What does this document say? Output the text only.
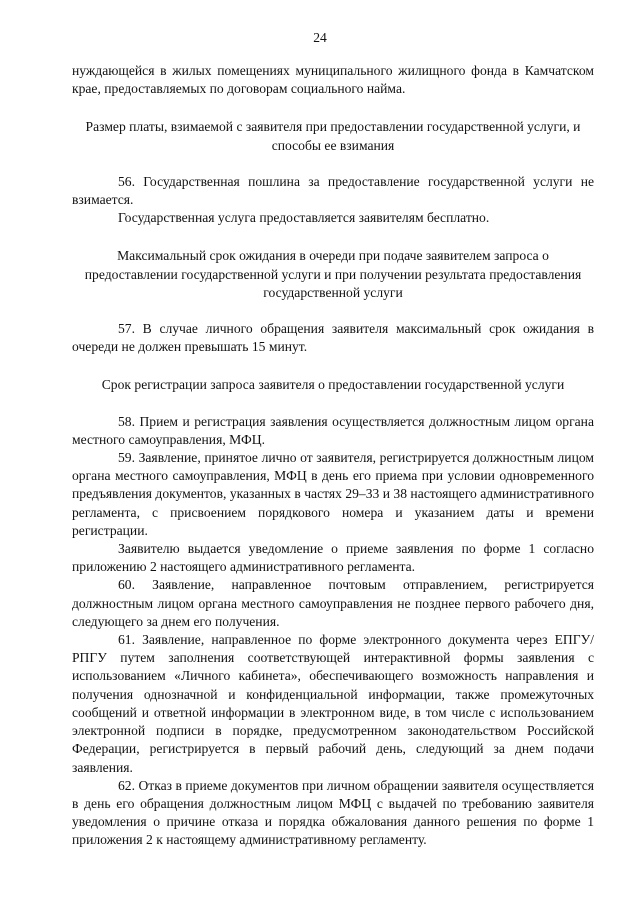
24

нуждающейся в жилых помещениях муниципального жилищного фонда в Камчатском крае, предоставляемых по договорам социального найма.

Размер платы, взимаемой с заявителя при предоставлении государственной услуги, и способы ее взимания

56. Государственная пошлина за предоставление государственной услуги не взимается.

Государственная услуга предоставляется заявителям бесплатно.

Максимальный срок ожидания в очереди при подаче заявителем запроса о предоставлении государственной услуги и при получении результата предоставления государственной услуги

57. В случае личного обращения заявителя максимальный срок ожидания в очереди не должен превышать 15 минут.

Срок регистрации запроса заявителя о предоставлении государственной услуги

58. Прием и регистрация заявления осуществляется должностным лицом органа местного самоуправления, МФЦ.

59. Заявление, принятое лично от заявителя, регистрируется должностным лицом органа местного самоуправления, МФЦ в день его приема при условии одновременного предъявления документов, указанных в частях 29–33 и 38 настоящего административного регламента, с присвоением порядкового номера и указанием даты и времени регистрации.

Заявителю выдается уведомление о приеме заявления по форме 1 согласно приложению 2 настоящего административного регламента.

60. Заявление, направленное почтовым отправлением, регистрируется должностным лицом органа местного самоуправления не позднее первого рабочего дня, следующего за днем его получения.

61. Заявление, направленное по форме электронного документа через ЕПГУ/РПГУ путем заполнения соответствующей интерактивной формы заявления с использованием «Личного кабинета», обеспечивающего возможность направления и получения однозначной и конфиденциальной информации, также промежуточных сообщений и ответной информации в электронном виде, в том числе с использованием электронной подписи в порядке, предусмотренном законодательством Российской Федерации, регистрируется в первый рабочий день, следующий за днем подачи заявления.

62. Отказ в приеме документов при личном обращении заявителя осуществляется в день его обращения должностным лицом МФЦ с выдачей по требованию заявителя уведомления о причине отказа и порядка обжалования данного решения по форме 1 приложения 2 к настоящему административному регламенту.
